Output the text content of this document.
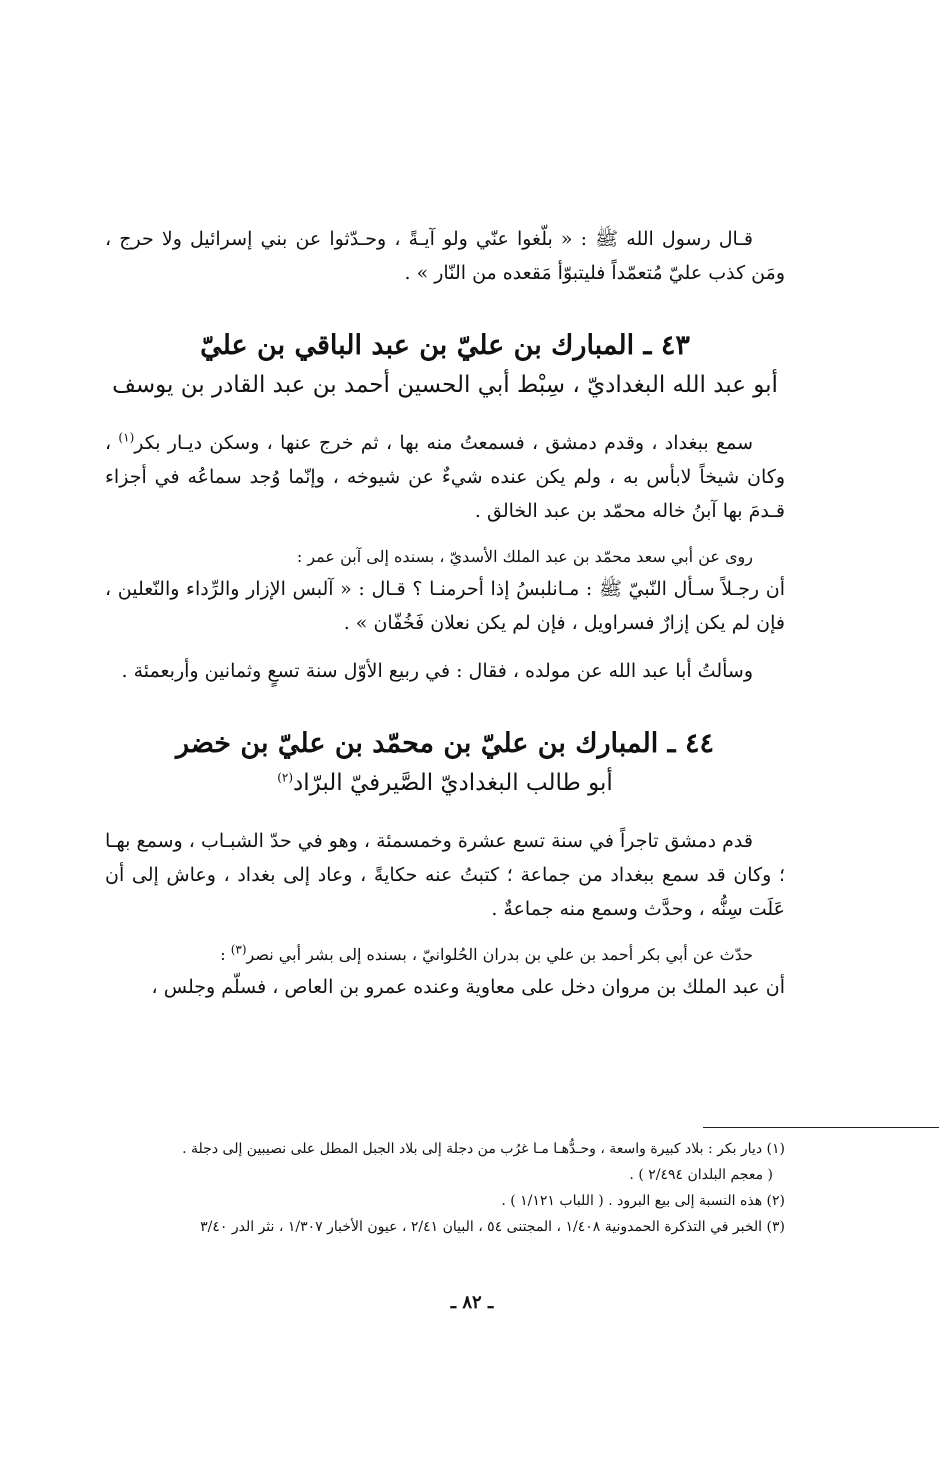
قـال رسول الله ﷺ : « بلّغوا عنّي ولو آيـةً ، وحـدّثوا عن بني إسرائيل ولا حرج ، ومَن كذب عليّ مُتعمّداً فليتبوّأ مَقعده من النّار » .

٤٣ ـ المبارك بن عليّ بن عبد الباقي بن عليّ

أبو عبد الله البغداديّ ، سِبْط أبي الحسين أحمد بن عبد القادر بن يوسف

سمع ببغداد ، وقدم دمشق ، فسمعتُ منه بها ، ثم خرج عنها ، وسكن ديـار بكر$^{(١)}$ ، وكان شيخاً لابأس به ، ولم يكن عنده شيءٌ عن شيوخه ، وإنّما وُجد سماعُه في أجزاء قـدمَ بها آبنُ خاله محمّد بن عبد الخالق .

روى عن أبي سعد محمّد بن عبد الملك الأسديّ ، بسنده إلى آبن عمر :

أن رجـلاً سـأل النّبيّ ﷺ : مـانلبسُ إذا أحرمنـا ؟ قـال : « آلبس الإزار والرِّداء والنّعلين ، فإن لم يكن إزارٌ فسراويل ، فإن لم يكن نعلان فَخُفّان » .

وسألتُ أبا عبد الله عن مولده ، فقال : في ربيع الأوّل سنة تسعٍ وثمانين وأربعمئة .

٤٤ ـ المبارك بن عليّ بن محمّد بن عليّ بن خضر

أبو طالب البغداديّ الصَّيرفيّ البرّاد$^{(٢)}$

قدم دمشق تاجراً في سنة تسع عشرة وخمسمئة ، وهو في حدّ الشبـاب ، وسمع بهـا ؛ وكان قد سمع ببغداد من جماعة ؛ كتبتُ عنه حكايةً ، وعاد إلى بغداد ، وعاش إلى أن عَلَت سِنُّه ، وحدَّث وسمع منه جماعةٌ .

حدّث عن أبي بكر أحمد بن علي بن بدران الحُلوانيّ ، بسنده إلى بشر أبي نصر$^{(٣)}$ :

أن عبد الملك بن مروان دخل على معاوية وعنده عمرو بن العاص ، فسلّم وجلس ،

(١) ديار بكر : بلاد كبيرة واسعة ، وحـدُّهـا مـا غرُب من دجلة إلى بلاد الجبل المطل على نصيبين إلى دجلة .

( معجم البلدان ٢/٤٩٤ ) .

(٢) هذه النسبة إلى بيع البرود . ( اللباب ١/١٢١ ) .

(٣) الخبر في التذكرة الحمدونية ١/٤٠٨ ، المجتنى ٥٤ ، البيان ٢/٤١ ، عيون الأخبار ١/٣٠٧ ، نثر الدر ٣/٤٠

ـ ٨٢ ـ
